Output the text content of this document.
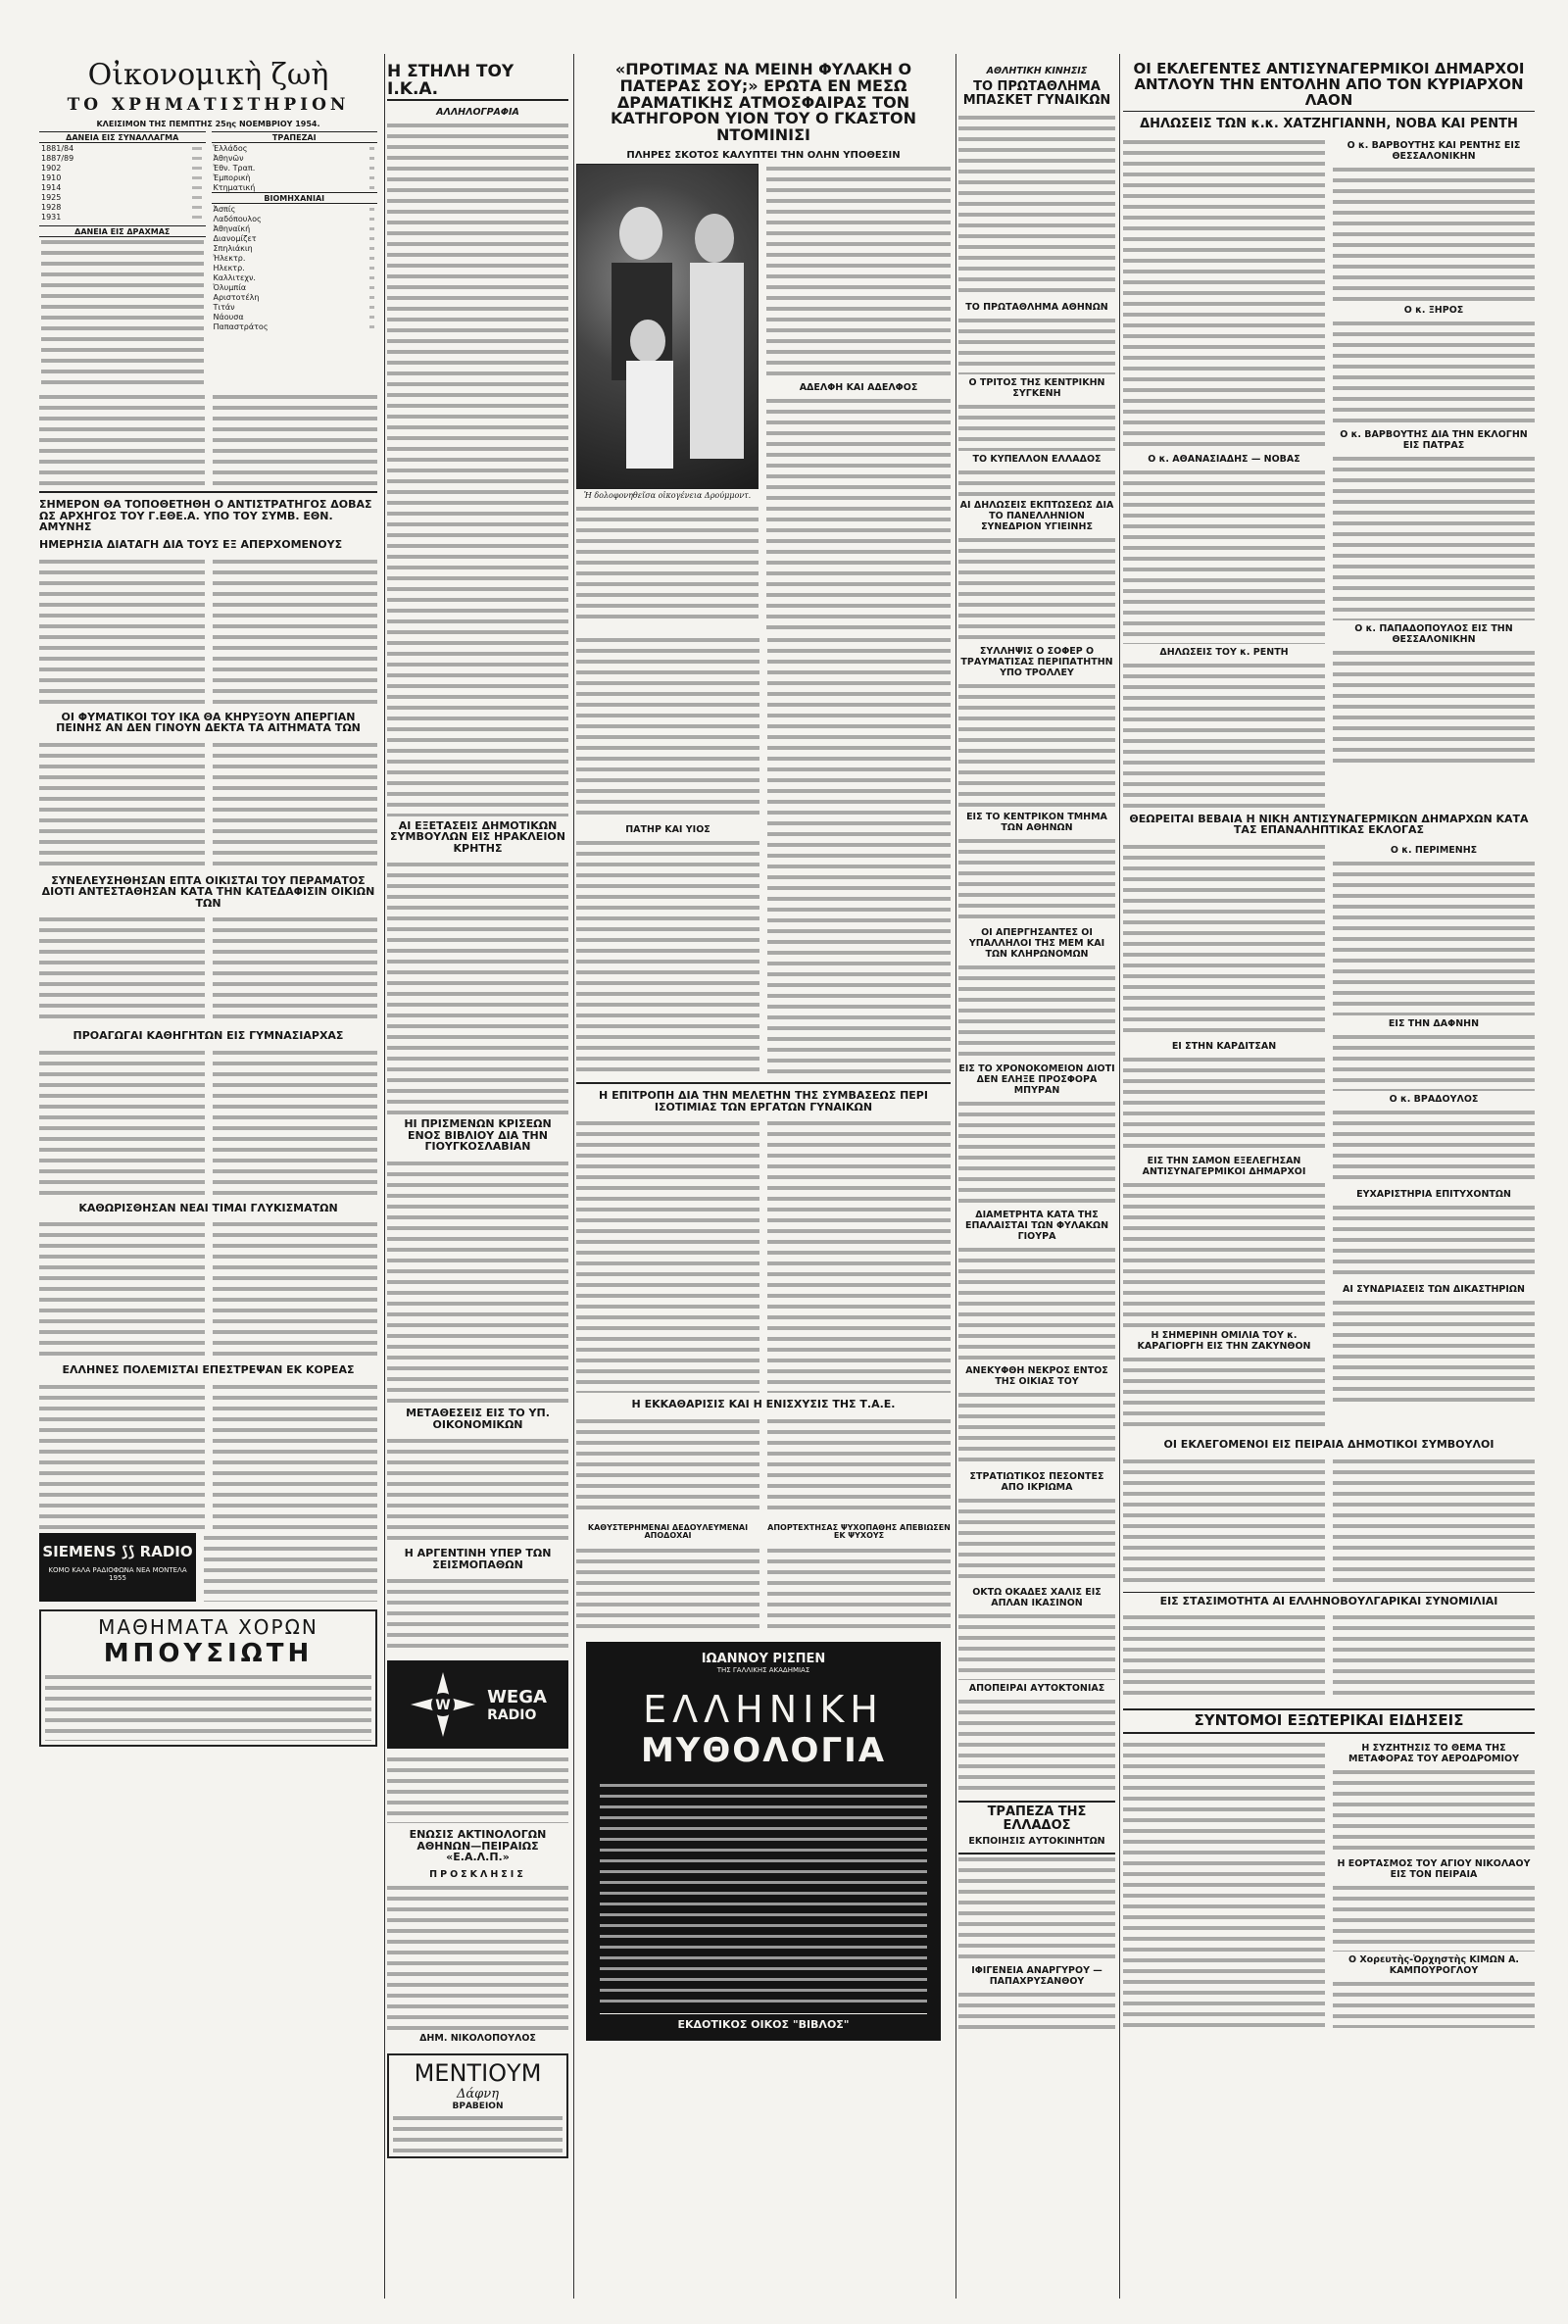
Οἰκονομικὴ ζωὴ
ΤΟ ΧΡΗΜΑΤΙΣΤΗΡΙΟΝ
ΚΛΕΙΣΙΜΟΝ ΤΗΣ ΠΕΜΠΤΗΣ 25ης ΝΟΕΜΒΡΙΟΥ 1954.
ΔΑΝΕΙΑ ΕΙΣ ΣΥΝΑΛΛΑΓΜΑ	
1881/84	

1887/89	

1902	

1910	

1914	

1925	

1928	

1931	
ΔΑΝΕΙΑ ΕΙΣ ΔΡΑΧΜΑΣ

ΤΡΑΠΕΖΑΙ	
Ἑλλάδος	

Ἀθηνῶν	

Ἐθν. Τραπ.	

Ἐμπορικὴ	

Κτηματική	

ΒΙΟΜΗΧΑΝΙΑΙ	
Ἀσπίς	

Λαδόπουλος	

Ἀθηναϊκή	

Διανομίζετ	

Σπηλιάκιη	

Ἠλεκτρ.	

Ηλεκτρ.	

Καλλιτεχν.	

Ὀλυμπία	

Αριστοτέλη	

Τιτάν	

Νάουσα	

Παπαστράτος	
ΣΗΜΕΡΟΝ ΘΑ ΤΟΠΟΘΕΤΗΘΗ Ο ΑΝΤΙΣΤΡΑΤΗΓΟΣ ΔΟΒΑΣ ΩΣ ΑΡΧΗΓΟΣ ΤΟΥ Γ.ΕΘΕ.Α. ΥΠΟ ΤΟΥ ΣΥΜΒ. ΕΘΝ. ΑΜΥΝΗΣ
ΗΜΕΡΗΣΙΑ ΔΙΑΤΑΓΗ ΔΙΑ ΤΟΥΣ ΕΞ ΑΠΕΡΧΟΜΕΝΟΥΣ
ΟΙ ΦΥΜΑΤΙΚΟΙ ΤΟΥ ΙΚΑ ΘΑ ΚΗΡΥΞΟΥΝ ΑΠΕΡΓΙΑΝ ΠΕΙΝΗΣ ΑΝ ΔΕΝ ΓΙΝΟΥΝ ΔΕΚΤΑ ΤΑ ΑΙΤΗΜΑΤΑ ΤΩΝ
ΣΥΝΕΛΕΥΣΗΘΗΣΑΝ ΕΠΤΑ ΟΙΚΙΣΤΑΙ ΤΟΥ ΠΕΡΑΜΑΤΟΣ ΔΙΟΤΙ ΑΝΤΕΣΤΑΘΗΣΑΝ ΚΑΤΑ ΤΗΝ ΚΑΤΕΔΑΦΙΣΙΝ ΟΙΚΙΩΝ ΤΩΝ
ΠΡΟΑΓΩΓΑΙ ΚΑΘΗΓΗΤΩΝ ΕΙΣ ΓΥΜΝΑΣΙΑΡΧΑΣ
ΚΑΘΩΡΙΣΘΗΣΑΝ ΝΕΑΙ ΤΙΜΑΙ ΓΛΥΚΙΣΜΑΤΩΝ
ΕΛΛΗΝΕΣ ΠΟΛΕΜΙΣΤΑΙ ΕΠΕΣΤΡΕΨΑΝ ΕΚ ΚΟΡΕΑΣ
SIEMENS ⟆⟆ RADIO
ΚΟΜΟ ΚΑΛΑ ΡΑΔΙΟΦΩΝΑ ΝΕΑ ΜΟΝΤΕΛΑ 1955
ΜΑΘΗΜΑΤΑ ΧΟΡΩΝ
ΜΠΟΥΣΙΩΤΗ
Η ΣΤΗΛΗ ΤΟΥ Ι.Κ.Α.
ΑΛΛΗΛΟΓΡΑΦΙΑ
ΑΙ ΕΞΕΤΑΣΕΙΣ ΔΗΜΟΤΙΚΩΝ ΣΥΜΒΟΥΛΩΝ ΕΙΣ ΗΡΑΚΛΕΙΟΝ ΚΡΗΤΗΣ
ΗΙ ΠΡΙΣΜΕΝΩΝ ΚΡΙΣΕΩΝ ΕΝΟΣ ΒΙΒΛΙΟΥ ΔΙΑ ΤΗΝ ΓΙΟΥΓΚΟΣΛΑΒΙΑΝ
ΜΕΤΑΘΕΣΕΙΣ ΕΙΣ ΤΟ ΥΠ. ΟΙΚΟΝΟΜΙΚΩΝ
Η ΑΡΓΕΝΤΙΝΗ ΥΠΕΡ ΤΩΝ ΣΕΙΣΜΟΠΑΘΩΝ
W WEGA
RADIO
ΕΝΩΣΙΣ ΑΚΤΙΝΟΛΟΓΩΝ ΑΘΗΝΩΝ—ΠΕΙΡΑΙΩΣ «Ε.Α.Λ.Π.»
ΠΡΟΣΚΛΗΣΙΣ
ΔΗΜ. ΝΙΚΟΛΟΠΟΥΛΟΣ
ΜΕΝΤΙΟΥΜ
Δάφνη
ΒΡΑΒΕΙΟΝ
«ΠΡΟΤΙΜΑΣ ΝΑ ΜΕΙΝΗ ΦΥΛΑΚΗ Ο ΠΑΤΕΡΑΣ ΣΟΥ;» ΕΡΩΤΑ ΕΝ ΜΕΣΩ ΔΡΑΜΑΤΙΚΗΣ ΑΤΜΟΣΦΑΙΡΑΣ ΤΟΝ ΚΑΤΗΓΟΡΟΝ ΥΙΟΝ ΤΟΥ Ο ΓΚΑΣΤΟΝ ΝΤΟΜΙΝΙΣΙ
ΠΛΗΡΕΣ ΣΚΟΤΟΣ ΚΑΛΥΠΤΕΙ ΤΗΝ ΟΛΗΝ ΥΠΟΘΕΣΙΝ
Ἡ δολοφονηθεῖσα οἰκογένεια Δρούμμοντ.
ΑΔΕΛΦΗ ΚΑΙ ΑΔΕΛΦΟΣ
ΠΑΤΗΡ ΚΑΙ ΥΙΟΣ
Η ΕΠΙΤΡΟΠΗ ΔΙΑ ΤΗΝ ΜΕΛΕΤΗΝ ΤΗΣ ΣΥΜΒΑΣΕΩΣ ΠΕΡΙ ΙΣΟΤΙΜΙΑΣ ΤΩΝ ΕΡΓΑΤΩΝ ΓΥΝΑΙΚΩΝ
Η ΕΚΚΑΘΑΡΙΣΙΣ ΚΑΙ Η ΕΝΙΣΧΥΣΙΣ ΤΗΣ Τ.Α.Ε.
ΚΑΘΥΣΤΕΡΗΜΕΝΑΙ ΔΕΔΟΥΛΕΥΜΕΝΑΙ ΑΠΟΔΟΧΑΙ
ΑΠΟΡΤΕΧΤΗΣΑΣ ΨΥΧΟΠΑΘΗΣ ΑΠΕΒΙΩΣΕΝ ΕΚ ΨΥΧΟΥΣ
ΙΩΑΝΝΟΥ ΡΙΣΠΕΝ
ΤΗΣ ΓΑΛΛΙΚΗΣ ΑΚΑΔΗΜΙΑΣ
ΕΛΛΗΝΙΚΗ
ΜΥΘΟΛΟΓΙΑ
ΕΚΔΟΤΙΚΟΣ ΟΙΚΟΣ "ΒΙΒΛΟΣ"
ΑΘΛΗΤΙΚΗ ΚΙΝΗΣΙΣ
ΤΟ ΠΡΩΤΑΘΛΗΜΑ ΜΠΑΣΚΕΤ ΓΥΝΑΙΚΩΝ
ΤΟ ΠΡΩΤΑΘΛΗΜΑ ΑΘΗΝΩΝ
Ο ΤΡΙΤΟΣ ΤΗΣ ΚΕΝΤΡΙΚΗΝ ΣΥΓΚΕΝΗ
ΤΟ ΚΥΠΕΛΛΟΝ ΕΛΛΑΔΟΣ
ΑΙ ΔΗΛΩΣΕΙΣ ΕΚΠΤΩΣΕΩΣ ΔΙΑ ΤΟ ΠΑΝΕΛΛΗΝΙΟΝ ΣΥΝΕΔΡΙΟΝ ΥΓΙΕΙΝΗΣ
ΣΥΛΛΗΨΙΣ Ο ΣΟΦΕΡ Ο ΤΡΑΥΜΑΤΙΣΑΣ ΠΕΡΙΠΑΤΗΤΗΝ ΥΠΟ ΤΡΟΛΛΕΥ
ΕΙΣ ΤΟ ΚΕΝΤΡΙΚΟΝ ΤΜΗΜΑ ΤΩΝ ΑΘΗΝΩΝ
ΟΙ ΑΠΕΡΓΗΣΑΝΤΕΣ ΟΙ ΥΠΑΛΛΗΛΟΙ ΤΗΣ ΜΕΜ ΚΑΙ ΤΩΝ ΚΛΗΡΩΝΟΜΩΝ
ΕΙΣ ΤΟ ΧΡΟΝΟΚΟΜΕΙΟΝ ΔΙΟΤΙ ΔΕΝ ΕΛΗΞΕ ΠΡΟΣΦΟΡΑ ΜΠΥΡΑΝ
ΔΙΑΜΕΤΡΗΤΑ ΚΑΤΑ ΤΗΣ ΕΠΑΛΑΙΣΤΑΙ ΤΩΝ ΦΥΛΑΚΩΝ ΓΙΟΥΡΑ
ΑΝΕΚΥΦΘΗ ΝΕΚΡΟΣ ΕΝΤΟΣ ΤΗΣ ΟΙΚΙΑΣ ΤΟΥ
ΣΤΡΑΤΙΩΤΙΚΟΣ ΠΕΣΟΝΤΕΣ ΑΠΟ ΙΚΡΙΩΜΑ
ΟΚΤΩ ΟΚΑΔΕΣ ΧΑΛΙΣ ΕΙΣ ΑΠΛΑΝ ΙΚΑΣΙΝΟΝ
ΑΠΟΠΕΙΡΑΙ ΑΥΤΟΚΤΟΝΙΑΣ
ΤΡΑΠΕΖΑ ΤΗΣ ΕΛΛΑΔΟΣ
ΕΚΠΟΙΗΣΙΣ ΑΥΤΟΚΙΝΗΤΩΝ
ΙΦΙΓΕΝΕΙΑ ΑΝΑΡΓΥΡΟΥ — ΠΑΠΑΧΡΥΣΑΝΘΟΥ
ΟΙ ΕΚΛΕΓΕΝΤΕΣ ΑΝΤΙΣΥΝΑΓΕΡΜΙΚΟΙ ΔΗΜΑΡΧΟΙ ΑΝΤΛΟΥΝ ΤΗΝ ΕΝΤΟΛΗΝ ΑΠΟ ΤΟΝ ΚΥΡΙΑΡΧΟΝ ΛΑΟΝ
ΔΗΛΩΣΕΙΣ ΤΩΝ κ.κ. ΧΑΤΖΗΓΙΑΝΝΗ, ΝΟΒΑ ΚΑΙ ΡΕΝΤΗ
Ο κ. ΑΘΑΝΑΣΙΑΔΗΣ — ΝΟΒΑΣ
ΔΗΛΩΣΕΙΣ ΤΟΥ κ. ΡΕΝΤΗ
Ο κ. ΒΑΡΒΟΥΤΗΣ ΚΑΙ ΡΕΝΤΗΣ ΕΙΣ ΘΕΣΣΑΛΟΝΙΚΗΝ
Ο κ. ΞΗΡΟΣ
Ο κ. ΒΑΡΒΟΥΤΗΣ ΔΙΑ ΤΗΝ ΕΚΛΟΓΗΝ ΕΙΣ ΠΑΤΡΑΣ
Ο κ. ΠΑΠΑΔΟΠΟΥΛΟΣ ΕΙΣ ΤΗΝ ΘΕΣΣΑΛΟΝΙΚΗΝ
ΘΕΩΡΕΙΤΑΙ ΒΕΒΑΙΑ Η ΝΙΚΗ ΑΝΤΙΣΥΝΑΓΕΡΜΙΚΩΝ ΔΗΜΑΡΧΩΝ ΚΑΤΑ ΤΑΣ ΕΠΑΝΑΛΗΠΤΙΚΑΣ ΕΚΛΟΓΑΣ
ΕΙ ΣΤΗΝ ΚΑΡΔΙΤΣΑΝ
ΕΙΣ ΤΗΝ ΣΑΜΟΝ ΕΞΕΛΕΓΗΣΑΝ ΑΝΤΙΣΥΝΑΓΕΡΜΙΚΟΙ ΔΗΜΑΡΧΟΙ
Η ΣΗΜΕΡΙΝΗ ΟΜΙΛΙΑ ΤΟΥ κ. ΚΑΡΑΓΙΟΡΓΗ ΕΙΣ ΤΗΝ ΖΑΚΥΝΘΟΝ
Ο κ. ΠΕΡΙΜΕΝΗΣ
ΕΙΣ ΤΗΝ ΔΑΦΝΗΝ
Ο κ. ΒΡΑΔΟΥΛΟΣ
ΕΥΧΑΡΙΣΤΗΡΙΑ ΕΠΙΤΥΧΟΝΤΩΝ
ΑΙ ΣΥΝΔΡΙΑΣΕΙΣ ΤΩΝ ΔΙΚΑΣΤΗΡΙΩΝ
ΟΙ ΕΚΛΕΓΟΜΕΝΟΙ ΕΙΣ ΠΕΙΡΑΙΑ ΔΗΜΟΤΙΚΟΙ ΣΥΜΒΟΥΛΟΙ
ΕΙΣ ΣΤΑΣΙΜΟΤΗΤΑ ΑΙ ΕΛΛΗΝΟΒΟΥΛΓΑΡΙΚΑΙ ΣΥΝΟΜΙΛΙΑΙ
ΣΥΝΤΟΜΟΙ ΕΞΩΤΕΡΙΚΑΙ ΕΙΔΗΣΕΙΣ
Η ΣΥΖΗΤΗΣΙΣ ΤΟ ΘΕΜΑ ΤΗΣ ΜΕΤΑΦΟΡΑΣ ΤΟΥ ΑΕΡΟΔΡΟΜΙΟΥ
Η ΕΟΡΤΑΣΜΟΣ ΤΟΥ ΑΓΙΟΥ ΝΙΚΟΛΑΟΥ ΕΙΣ ΤΟΝ ΠΕΙΡΑΙΑ
Ο Χορευτὴς-Ὀρχηστὴς ΚΙΜΩΝ Α. ΚΑΜΠΟΥΡΟΓΛΟΥ
